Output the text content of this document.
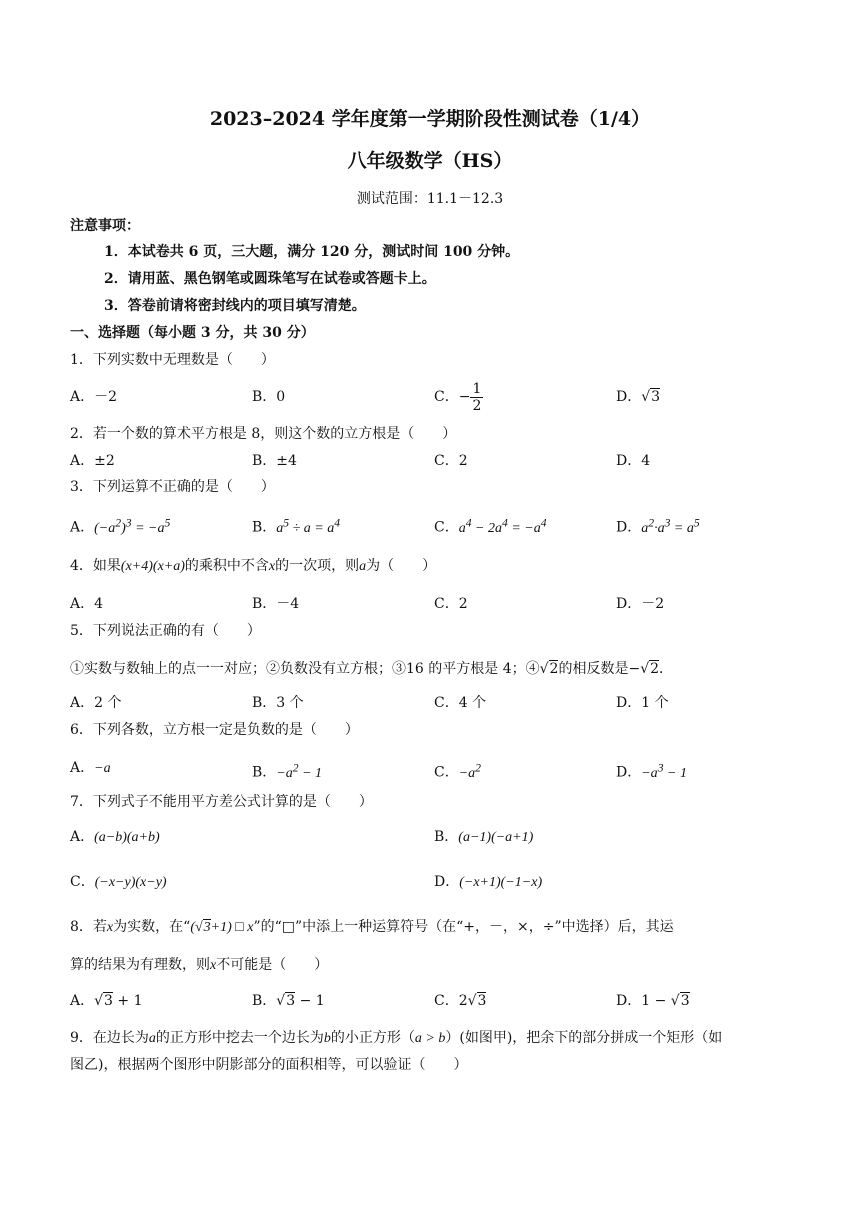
2023–2024 学年度第一学期阶段性测试卷（1/4）
八年级数学（HS）
测试范围：11.1－12.3
注意事项：
1．本试卷共 6 页，三大题，满分 120 分，测试时间 100 分钟。
2．请用蓝、黑色钢笔或圆珠笔写在试卷或答题卡上。
3．答卷前请将密封线内的项目填写清楚。
一、选择题（每小题 3 分，共 30 分）
1．下列实数中无理数是（　　）
A．－2	B．0	C．− $\frac{1}{2}$	D．√3
2．若一个数的算术平方根是 8，则这个数的立方根是（　　）
A．±2	B．±4	C．2	D．4
3．下列运算不正确的是（　　）
A．$(-a^2)^3 = -a^5$	B．$a^5 \div a = a^4$	C．$a^4 - 2a^4 = -a^4$	D．$a^2\cdot a^3 = a^5$
4．如果(x+4)(x+a)的乘积中不含x的一次项，则a为（　　）
A．4	B．－4	C．2	D．－2
5．下列说法正确的有（　　）
①实数与数轴上的点一一对应；②负数没有立方根；③16 的平方根是 4；④√2的相反数是−√2．
A．2 个	B．3 个	C．4 个	D．1 个
6．下列各数，立方根一定是负数的是（　　）
A．−a	B．$-a^2 - 1$	C．$-a^2$	D．$-a^3 - 1$
7．下列式子不能用平方差公式计算的是（　　）
A．(a−b)(a+b)	B．(a−1)(−a+1)
C．(−x−y)(x−y)	D．(−x+1)(−1−x)
8．若x为实数，在“(√3+1) □ x”的“□”中添上一种运算符号（在“+，－，×，÷”中选择）后，其运
算的结果为有理数，则x不可能是（　　）
A．√3 + 1	B．√3 − 1	C．2√3	D．1 − √3
9．在边长为a的正方形中挖去一个边长为b的小正方形（a > b）(如图甲)，把余下的部分拼成一个矩形（如
图乙)，根据两个图形中阴影部分的面积相等，可以验证（　　）
